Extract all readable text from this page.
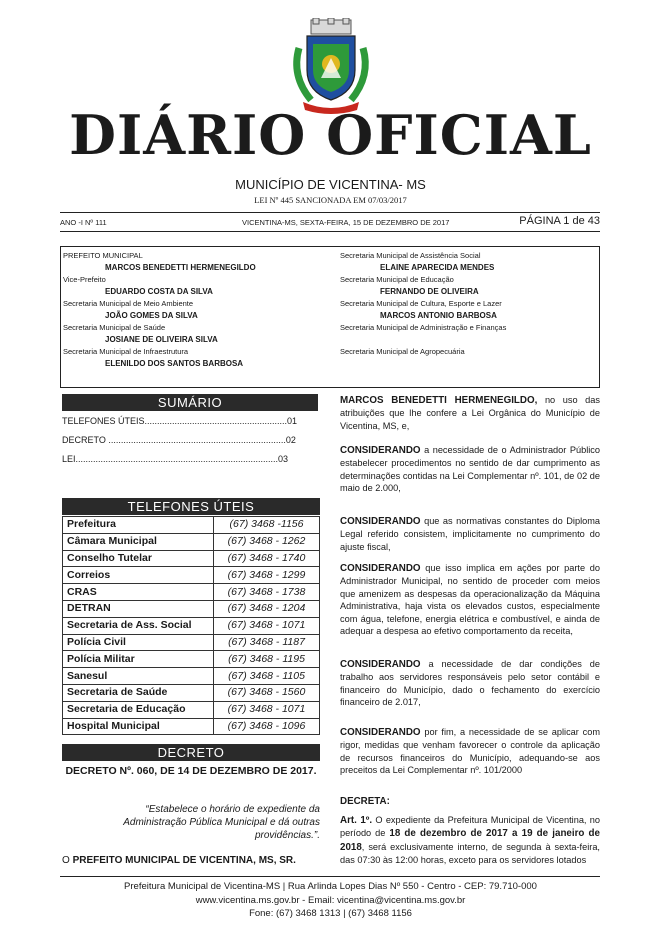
DIÁRIO OFICIAL
MUNICÍPIO DE VICENTINA- MS
LEI Nº 445 SANCIONADA EM 07/03/2017
ANO -I Nº 111	VICENTINA-MS, SEXTA-FEIRA, 15 DE DEZEMBRO DE 2017	PÁGINA 1 de 43
PREFEITO MUNICIPAL
MARCOS BENEDETTI HERMENEGILDO
Vice-Prefeito
EDUARDO COSTA DA SILVA
Secretaria Municipal de Meio Ambiente
JOÃO GOMES DA SILVA
Secretaria Municipal de Saúde
JOSIANE DE OLIVEIRA SILVA
Secretaria Municipal de Infraestrutura
ELENILDO DOS SANTOS BARBOSA
Secretaria Municipal de Assistência Social
ELAINE APARECIDA MENDES
Secretaria Municipal de Educação
FERNANDO DE OLIVEIRA
Secretaria Municipal de Cultura, Esporte e Lazer
MARCOS ANTONIO BARBOSA
Secretaria Municipal de Administração e Finanças
Secretaria Municipal de Agropecuária
SUMÁRIO
TELEFONES ÚTEIS.........................................................01
DECRETO .......................................................................02
LEI.................................................................................03
TELEFONES ÚTEIS
Prefeitura	(67) 3468 -1156
Câmara Municipal	(67) 3468 - 1262
Conselho Tutelar	(67) 3468 - 1740
Correios	(67) 3468 - 1299
CRAS	(67) 3468 - 1738
DETRAN	(67) 3468 - 1204
Secretaria de Ass. Social	(67) 3468 - 1071
Polícia Civil	(67) 3468 - 1187
Polícia Militar	(67) 3468 - 1195
Sanesul	(67) 3468 - 1105
Secretaria de Saúde	(67) 3468 - 1560
Secretaria de Educação	(67) 3468 - 1071
Hospital Municipal	(67) 3468 - 1096
DECRETO
DECRETO Nº. 060, DE 14 DE DEZEMBRO DE 2017.
“Estabelece o horário de expediente da Administração Pública Municipal e dá outras providências.”.
O PREFEITO MUNICIPAL DE VICENTINA, MS, SR.
MARCOS BENEDETTI HERMENEGILDO, no uso das atribuições que lhe confere a Lei Orgânica do Município de Vicentina, MS, e,
CONSIDERANDO a necessidade de o Administrador Público estabelecer procedimentos no sentido de dar cumprimento as determinações contidas na Lei Complementar nº. 101, de 02 de maio de 2.000,
CONSIDERANDO que as normativas constantes do Diploma Legal referido consistem, implicitamente no cumprimento do ajuste fiscal,
CONSIDERANDO que isso implica em ações por parte do Administrador Municipal, no sentido de proceder com meios que amenizem as despesas da operacionalização da Máquina Administrativa, haja vista os elevados custos, especialmente com água, telefone, energia elétrica e combustível, e ainda de adequar a despesa ao efetivo comportamento da receita,
CONSIDERANDO a necessidade de dar condições de trabalho aos servidores responsáveis pelo setor contábil e financeiro do Município, dado o fechamento do exercício financeiro de 2.017,
CONSIDERANDO por fim, a necessidade de se aplicar com rigor, medidas que venham favorecer o controle da aplicação de recursos financeiros do Município, adequando-se aos preceitos da Lei Complementar nº. 101/2000
DECRETA:
Art. 1º. O expediente da Prefeitura Municipal de Vicentina, no período de 18 de dezembro de 2017 a 19 de janeiro de 2018, será exclusivamente interno, de segunda à sexta-feira, das 07:30 às 12:00 horas, exceto para os servidores lotados
Prefeitura Municipal de Vicentina-MS | Rua Arlinda Lopes Dias Nº 550 - Centro - CEP: 79.710-000
www.vicentina.ms.gov.br - Email: vicentina@vicentina.ms.gov.br
Fone: (67) 3468 1313 | (67) 3468 1156
